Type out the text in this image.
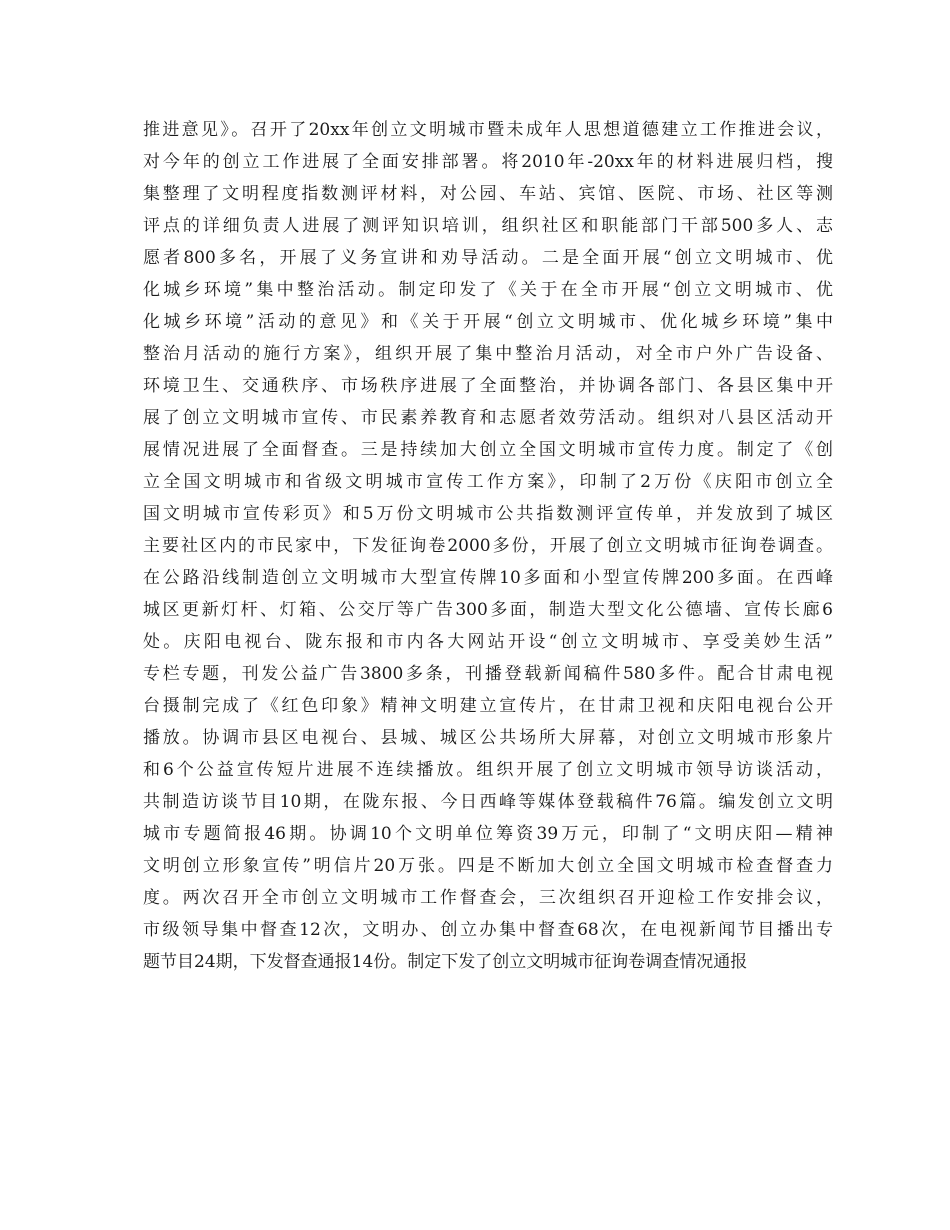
推进意见》。召开了20xx年创立文明城市暨未成年人思想道德建立工作推进会议，
对今年的创立工作进展了全面安排部署。将2010年-20xx年的材料进展归档，搜
集整理了文明程度指数测评材料，对公园、车站、宾馆、医院、市场、社区等测
评点的详细负责人进展了测评知识培训，组织社区和职能部门干部500多人、志
愿者800多名，开展了义务宣讲和劝导活动。二是全面开展“创立文明城市、优
化城乡环境”集中整治活动。制定印发了《关于在全市开展“创立文明城市、优
化城乡环境”活动的意见》和《关于开展“创立文明城市、优化城乡环境”集中
整治月活动的施行方案》，组织开展了集中整治月活动，对全市户外广告设备、
环境卫生、交通秩序、市场秩序进展了全面整治，并协调各部门、各县区集中开
展了创立文明城市宣传、市民素养教育和志愿者效劳活动。组织对八县区活动开
展情况进展了全面督查。三是持续加大创立全国文明城市宣传力度。制定了《创
立全国文明城市和省级文明城市宣传工作方案》，印制了2万份《庆阳市创立全
国文明城市宣传彩页》和5万份文明城市公共指数测评宣传单，并发放到了城区
主要社区内的市民家中，下发征询卷2000多份，开展了创立文明城市征询卷调查。
在公路沿线制造创立文明城市大型宣传牌10多面和小型宣传牌200多面。在西峰
城区更新灯杆、灯箱、公交厅等广告300多面，制造大型文化公德墙、宣传长廊6
处。庆阳电视台、陇东报和市内各大网站开设“创立文明城市、享受美妙生活”
专栏专题，刊发公益广告3800多条，刊播登载新闻稿件580多件。配合甘肃电视
台摄制完成了《红色印象》精神文明建立宣传片，在甘肃卫视和庆阳电视台公开
播放。协调市县区电视台、县城、城区公共场所大屏幕，对创立文明城市形象片
和6个公益宣传短片进展不连续播放。组织开展了创立文明城市领导访谈活动，
共制造访谈节目10期，在陇东报、今日西峰等媒体登载稿件76篇。编发创立文明
城市专题简报46期。协调10个文明单位筹资39万元，印制了“文明庆阳—精神
文明创立形象宣传”明信片20万张。四是不断加大创立全国文明城市检查督查力
度。两次召开全市创立文明城市工作督查会，三次组织召开迎检工作安排会议，
市级领导集中督查12次，文明办、创立办集中督查68次，在电视新闻节目播出专
题节目24期，下发督查通报14份。制定下发了创立文明城市征询卷调查情况通报
